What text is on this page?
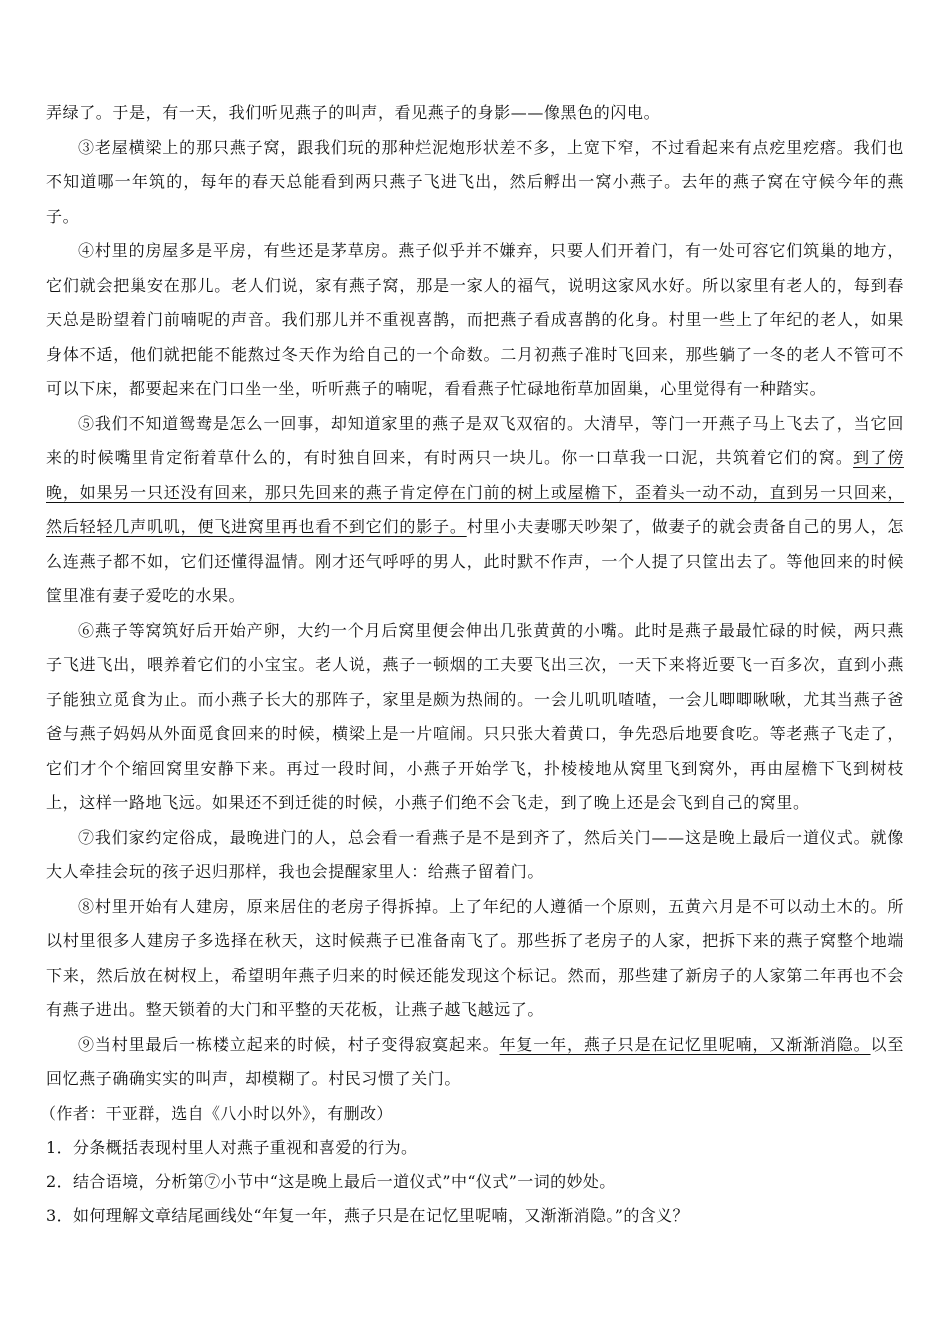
弄绿了。于是，有一天，我们听见燕子的叫声，看见燕子的身影——像黑色的闪电。

③老屋横梁上的那只燕子窝，跟我们玩的那种烂泥炮形状差不多，上宽下窄，不过看起来有点疙里疙瘩。我们也不知道哪一年筑的，每年的春天总能看到两只燕子飞进飞出，然后孵出一窝小燕子。去年的燕子窝在守候今年的燕子。

④村里的房屋多是平房，有些还是茅草房。燕子似乎并不嫌弃，只要人们开着门，有一处可容它们筑巢的地方，它们就会把巢安在那儿。老人们说，家有燕子窝，那是一家人的福气，说明这家风水好。所以家里有老人的，每到春天总是盼望着门前喃呢的声音。我们那儿并不重视喜鹊，而把燕子看成喜鹊的化身。村里一些上了年纪的老人，如果身体不适，他们就把能不能熬过冬天作为给自己的一个命数。二月初燕子准时飞回来，那些躺了一冬的老人不管可不可以下床，都要起来在门口坐一坐，听听燕子的喃呢，看看燕子忙碌地衔草加固巢，心里觉得有一种踏实。

⑤我们不知道鸳鸯是怎么一回事，却知道家里的燕子是双飞双宿的。大清早，等门一开燕子马上飞去了，当它回来的时候嘴里肯定衔着草什么的，有时独自回来，有时两只一块儿。你一口草我一口泥，共筑着它们的窝。到了傍晚，如果另一只还没有回来，那只先回来的燕子肯定停在门前的树上或屋檐下，歪着头一动不动，直到另一只回来，然后轻轻几声叽叽，便飞进窝里再也看不到它们的影子。村里小夫妻哪天吵架了，做妻子的就会责备自己的男人，怎么连燕子都不如，它们还懂得温情。刚才还气呼呼的男人，此时默不作声，一个人提了只筐出去了。等他回来的时候筐里准有妻子爱吃的水果。

⑥燕子等窝筑好后开始产卵，大约一个月后窝里便会伸出几张黄黄的小嘴。此时是燕子最最忙碌的时候，两只燕子飞进飞出，喂养着它们的小宝宝。老人说，燕子一顿烟的工夫要飞出三次，一天下来将近要飞一百多次，直到小燕子能独立觅食为止。而小燕子长大的那阵子，家里是颇为热闹的。一会儿叽叽喳喳，一会儿唧唧啾啾，尤其当燕子爸爸与燕子妈妈从外面觅食回来的时候，横梁上是一片喧闹。只只张大着黄口，争先恐后地要食吃。等老燕子飞走了，它们才个个缩回窝里安静下来。再过一段时间，小燕子开始学飞，扑棱棱地从窝里飞到窝外，再由屋檐下飞到树枝上，这样一路地飞远。如果还不到迁徙的时候，小燕子们绝不会飞走，到了晚上还是会飞到自己的窝里。

⑦我们家约定俗成，最晚进门的人，总会看一看燕子是不是到齐了，然后关门——这是晚上最后一道仪式。就像大人牵挂会玩的孩子迟归那样，我也会提醒家里人：给燕子留着门。

⑧村里开始有人建房，原来居住的老房子得拆掉。上了年纪的人遵循一个原则，五黄六月是不可以动土木的。所以村里很多人建房子多选择在秋天，这时候燕子已准备南飞了。那些拆了老房子的人家，把拆下来的燕子窝整个地端下来，然后放在树杈上，希望明年燕子归来的时候还能发现这个标记。然而，那些建了新房子的人家第二年再也不会有燕子进出。整天锁着的大门和平整的天花板，让燕子越飞越远了。

⑨当村里最后一栋楼立起来的时候，村子变得寂寞起来。年复一年，燕子只是在记忆里呢喃，又渐渐消隐。以至回忆燕子确确实实的叫声，却模糊了。村民习惯了关门。

（作者：干亚群，选自《八小时以外》，有删改）

1．分条概括表现村里人对燕子重视和喜爱的行为。

2．结合语境，分析第⑦小节中“这是晚上最后一道仪式”中“仪式”一词的妙处。

3．如何理解文章结尾画线处“年复一年，燕子只是在记忆里呢喃，又渐渐消隐。”的含义？
